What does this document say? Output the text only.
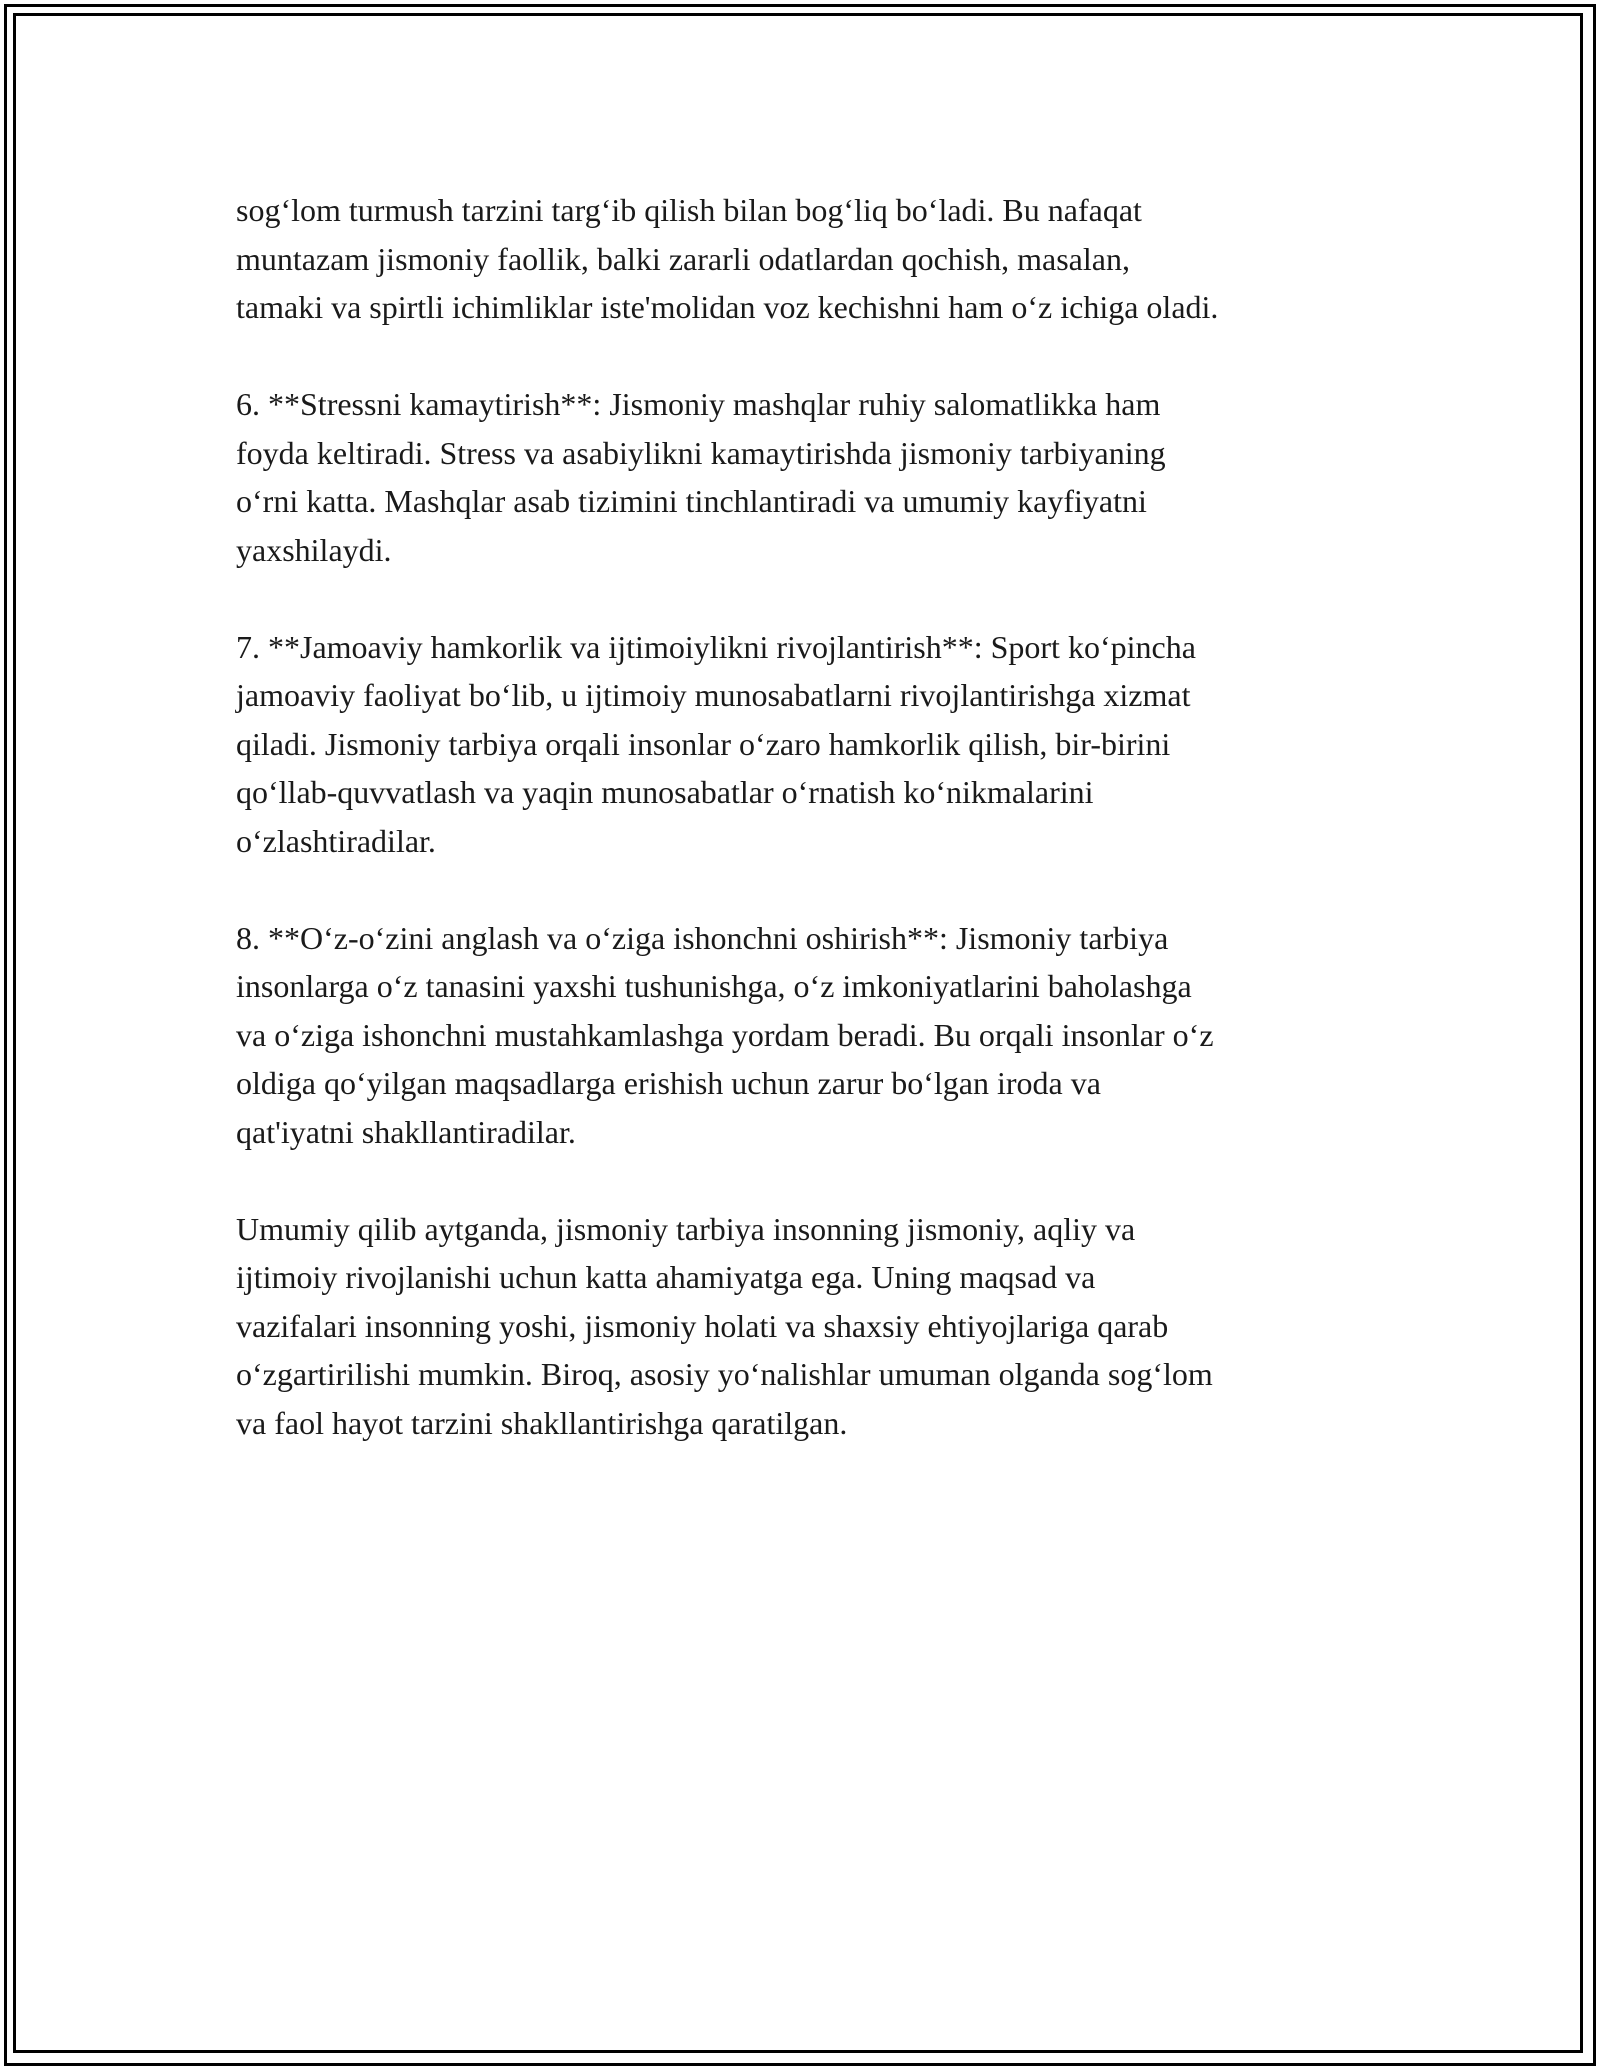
sog‘lom turmush tarzini targ‘ib qilish bilan bog‘liq bo‘ladi. Bu nafaqat
muntazam jismoniy faollik, balki zararli odatlardan qochish, masalan,
tamaki va spirtli ichimliklar iste'molidan voz kechishni ham o‘z ichiga oladi.

6. **Stressni kamaytirish**: Jismoniy mashqlar ruhiy salomatlikka ham
foyda keltiradi. Stress va asabiylikni kamaytirishda jismoniy tarbiyaning
o‘rni katta. Mashqlar asab tizimini tinchlantiradi va umumiy kayfiyatni
yaxshilaydi.

7. **Jamoaviy hamkorlik va ijtimoiylikni rivojlantirish**: Sport ko‘pincha
jamoaviy faoliyat bo‘lib, u ijtimoiy munosabatlarni rivojlantirishga xizmat
qiladi. Jismoniy tarbiya orqali insonlar o‘zaro hamkorlik qilish, bir-birini
qo‘llab-quvvatlash va yaqin munosabatlar o‘rnatish ko‘nikmalarini
o‘zlashtiradilar.

8. **O‘z-o‘zini anglash va o‘ziga ishonchni oshirish**: Jismoniy tarbiya
insonlarga o‘z tanasini yaxshi tushunishga, o‘z imkoniyatlarini baholashga
va o‘ziga ishonchni mustahkamlashga yordam beradi. Bu orqali insonlar o‘z
oldiga qo‘yilgan maqsadlarga erishish uchun zarur bo‘lgan iroda va
qat'iyatni shakllantiradilar.

Umumiy qilib aytganda, jismoniy tarbiya insonning jismoniy, aqliy va
ijtimoiy rivojlanishi uchun katta ahamiyatga ega. Uning maqsad va
vazifalari insonning yoshi, jismoniy holati va shaxsiy ehtiyojlariga qarab
o‘zgartirilishi mumkin. Biroq, asosiy yo‘nalishlar umuman olganda sog‘lom
va faol hayot tarzini shakllantirishga qaratilgan.
